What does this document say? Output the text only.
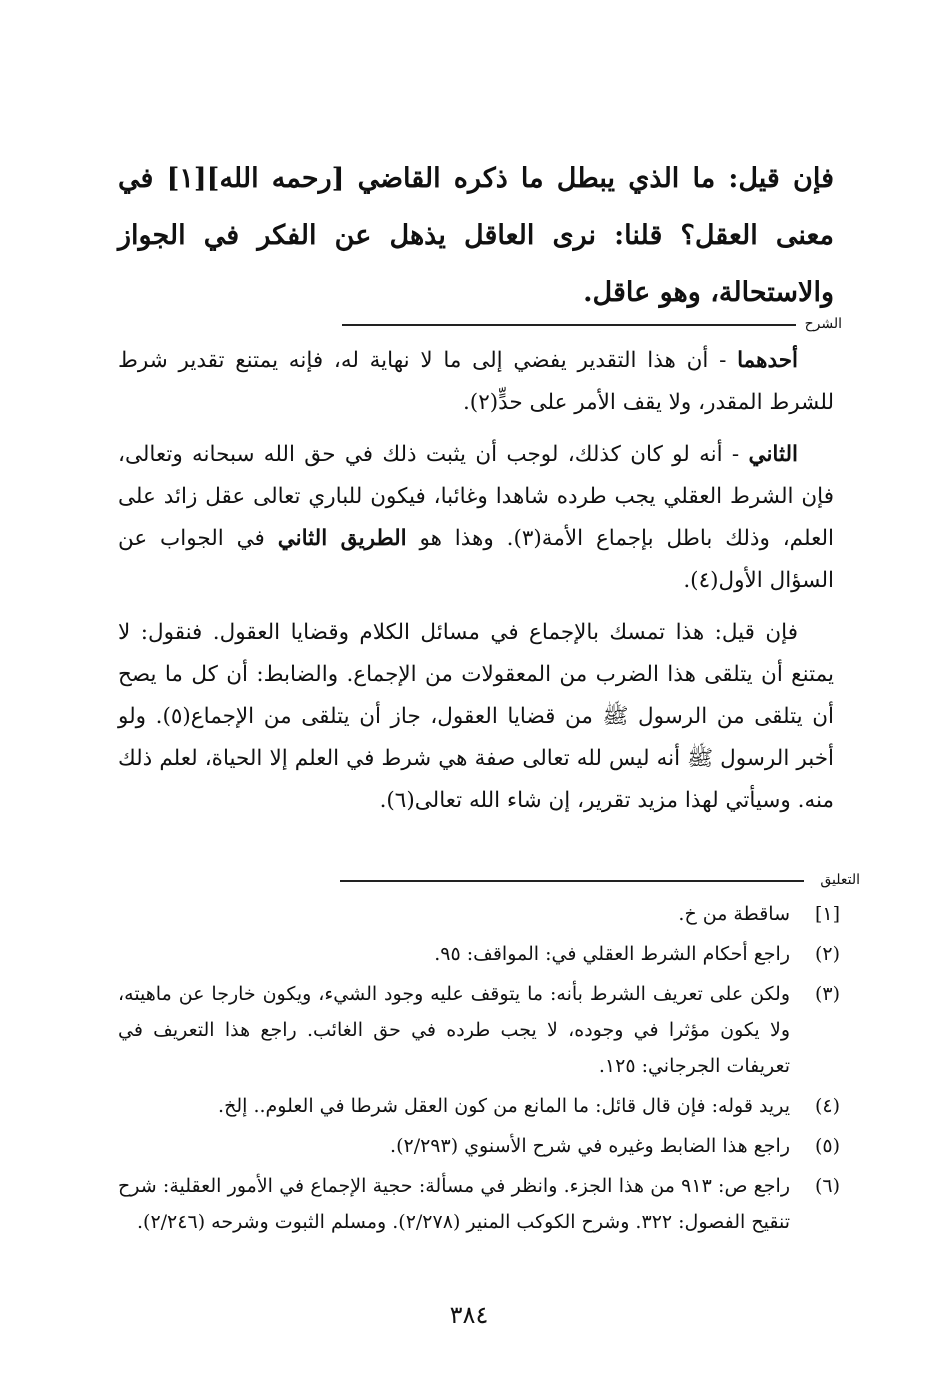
فإن قيل: ما الذي يبطل ما ذكره القاضي [رحمه الله][١] في معنى العقل؟ قلنا: نرى العاقل يذهل عن الفكر في الجواز والاستحالة، وهو عاقل.

الشرح

أحدهما - أن هذا التقدير يفضي إلى ما لا نهاية له، فإنه يمتنع تقدير شرط للشرط المقدر، ولا يقف الأمر على حدٍّ(٢).

الثاني - أنه لو كان كذلك، لوجب أن يثبت ذلك في حق الله سبحانه وتعالى، فإن الشرط العقلي يجب طرده شاهدا وغائبا، فيكون للباري تعالى عقل زائد على العلم، وذلك باطل بإجماع الأمة(٣). وهذا هو الطريق الثاني في الجواب عن السؤال الأول(٤).

فإن قيل: هذا تمسك بالإجماع في مسائل الكلام وقضايا العقول. فنقول: لا يمتنع أن يتلقى هذا الضرب من المعقولات من الإجماع. والضابط: أن كل ما يصح أن يتلقى من الرسول ﷺ من قضايا العقول، جاز أن يتلقى من الإجماع(٥). ولو أخبر الرسول ﷺ أنه ليس لله تعالى صفة هي شرط في العلم إلا الحياة، لعلم ذلك منه. وسيأتي لهذا مزيد تقرير، إن شاء الله تعالى(٦).

التعليق
[١]
ساقطة من خ.
(٢)
راجع أحكام الشرط العقلي في: المواقف: ٩٥.
(٣)
ولكن على تعريف الشرط بأنه: ما يتوقف عليه وجود الشيء، ويكون خارجا عن ماهيته، ولا يكون مؤثرا في وجوده، لا يجب طرده في حق الغائب. راجع هذا التعريف في تعريفات الجرجاني: ١٢٥.
(٤)
يريد قوله: فإن قال قائل: ما المانع من كون العقل شرطا في العلوم.. إلخ.
(٥)
راجع هذا الضابط وغيره في شرح الأسنوي (٢/٢٩٣).
(٦)
راجع ص: ٩١٣ من هذا الجزء. وانظر في مسألة: حجية الإجماع في الأمور العقلية: شرح تنقيح الفصول: ٣٢٢. وشرح الكوكب المنير (٢/٢٧٨). ومسلم الثبوت وشرحه (٢/٢٤٦).
٣٨٤
